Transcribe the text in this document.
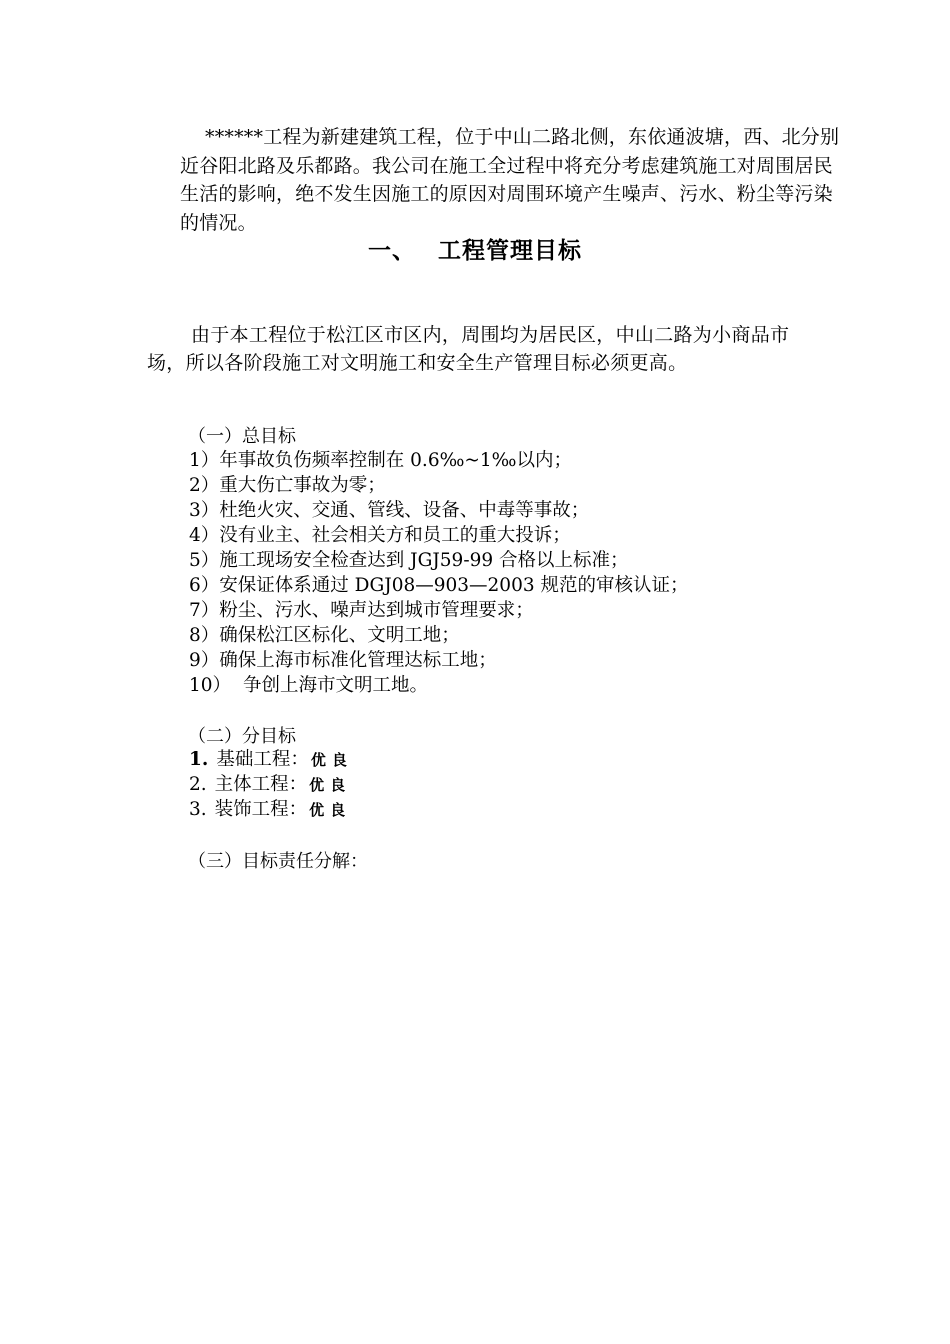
******工程为新建建筑工程，位于中山二路北侧，东依通波塘，西、北分别近谷阳北路及乐都路。我公司在施工全过程中将充分考虑建筑施工对周围居民生活的影响，绝不发生因施工的原因对周围环境产生噪声、污水、粉尘等污染的情况。

一、 工程管理目标

由于本工程位于松江区市区内，周围均为居民区，中山二路为小商品市场，所以各阶段施工对文明施工和安全生产管理目标必须更高。

（一）总目标
1）年事故负伤频率控制在 0.6‰~1‰以内；
2）重大伤亡事故为零；
3）杜绝火灾、交通、管线、设备、中毒等事故；
4）没有业主、社会相关方和员工的重大投诉；
5）施工现场安全检查达到 JGJ59-99 合格以上标准；
6）安保证体系通过 DGJ08—903—2003 规范的审核认证；
7）粉尘、污水、噪声达到城市管理要求；
8）确保松江区标化、文明工地；
9）确保上海市标准化管理达标工地；
10） 争创上海市文明工地。
（二）分目标
1. 基础工程： 优良
2. 主体工程： 优良
3. 装饰工程： 优良
（三）目标责任分解：
